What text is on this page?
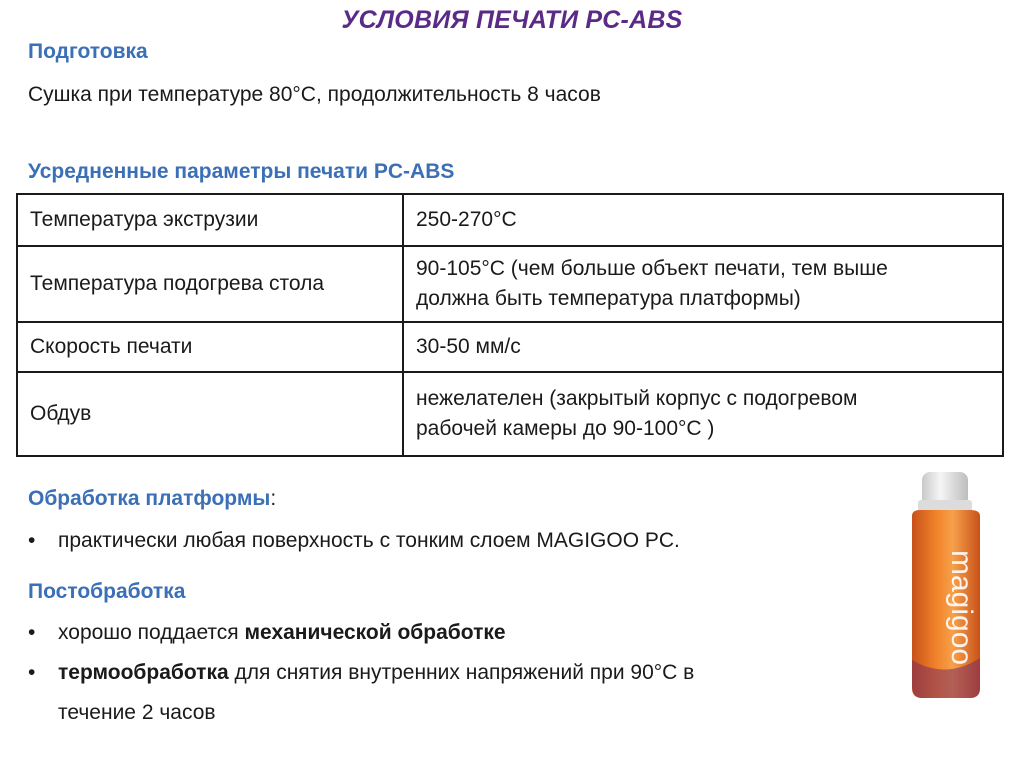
УСЛОВИЯ ПЕЧАТИ PC-ABS
Подготовка
Сушка при температуре 80°С, продолжительность 8 часов
Усредненные параметры печати PC-ABS
Температура экструзии	250-270°С
Температура подогрева стола	90-105°С (чем больше объект печати, тем выше
должна быть температура платформы)

Скорость печати	30-50 мм/с
Обдув	нежелателен (закрытый корпус с подогревом
рабочей камеры до 90-100°С )
Обработка платформы:
•	практически любая поверхность с тонким слоем MAGIGOO PC.
Постобработка
•	хорошо поддается механической обработке
•	термообработка для снятия внутренних напряжений при 90°С в
течение 2 часов
magigoo
